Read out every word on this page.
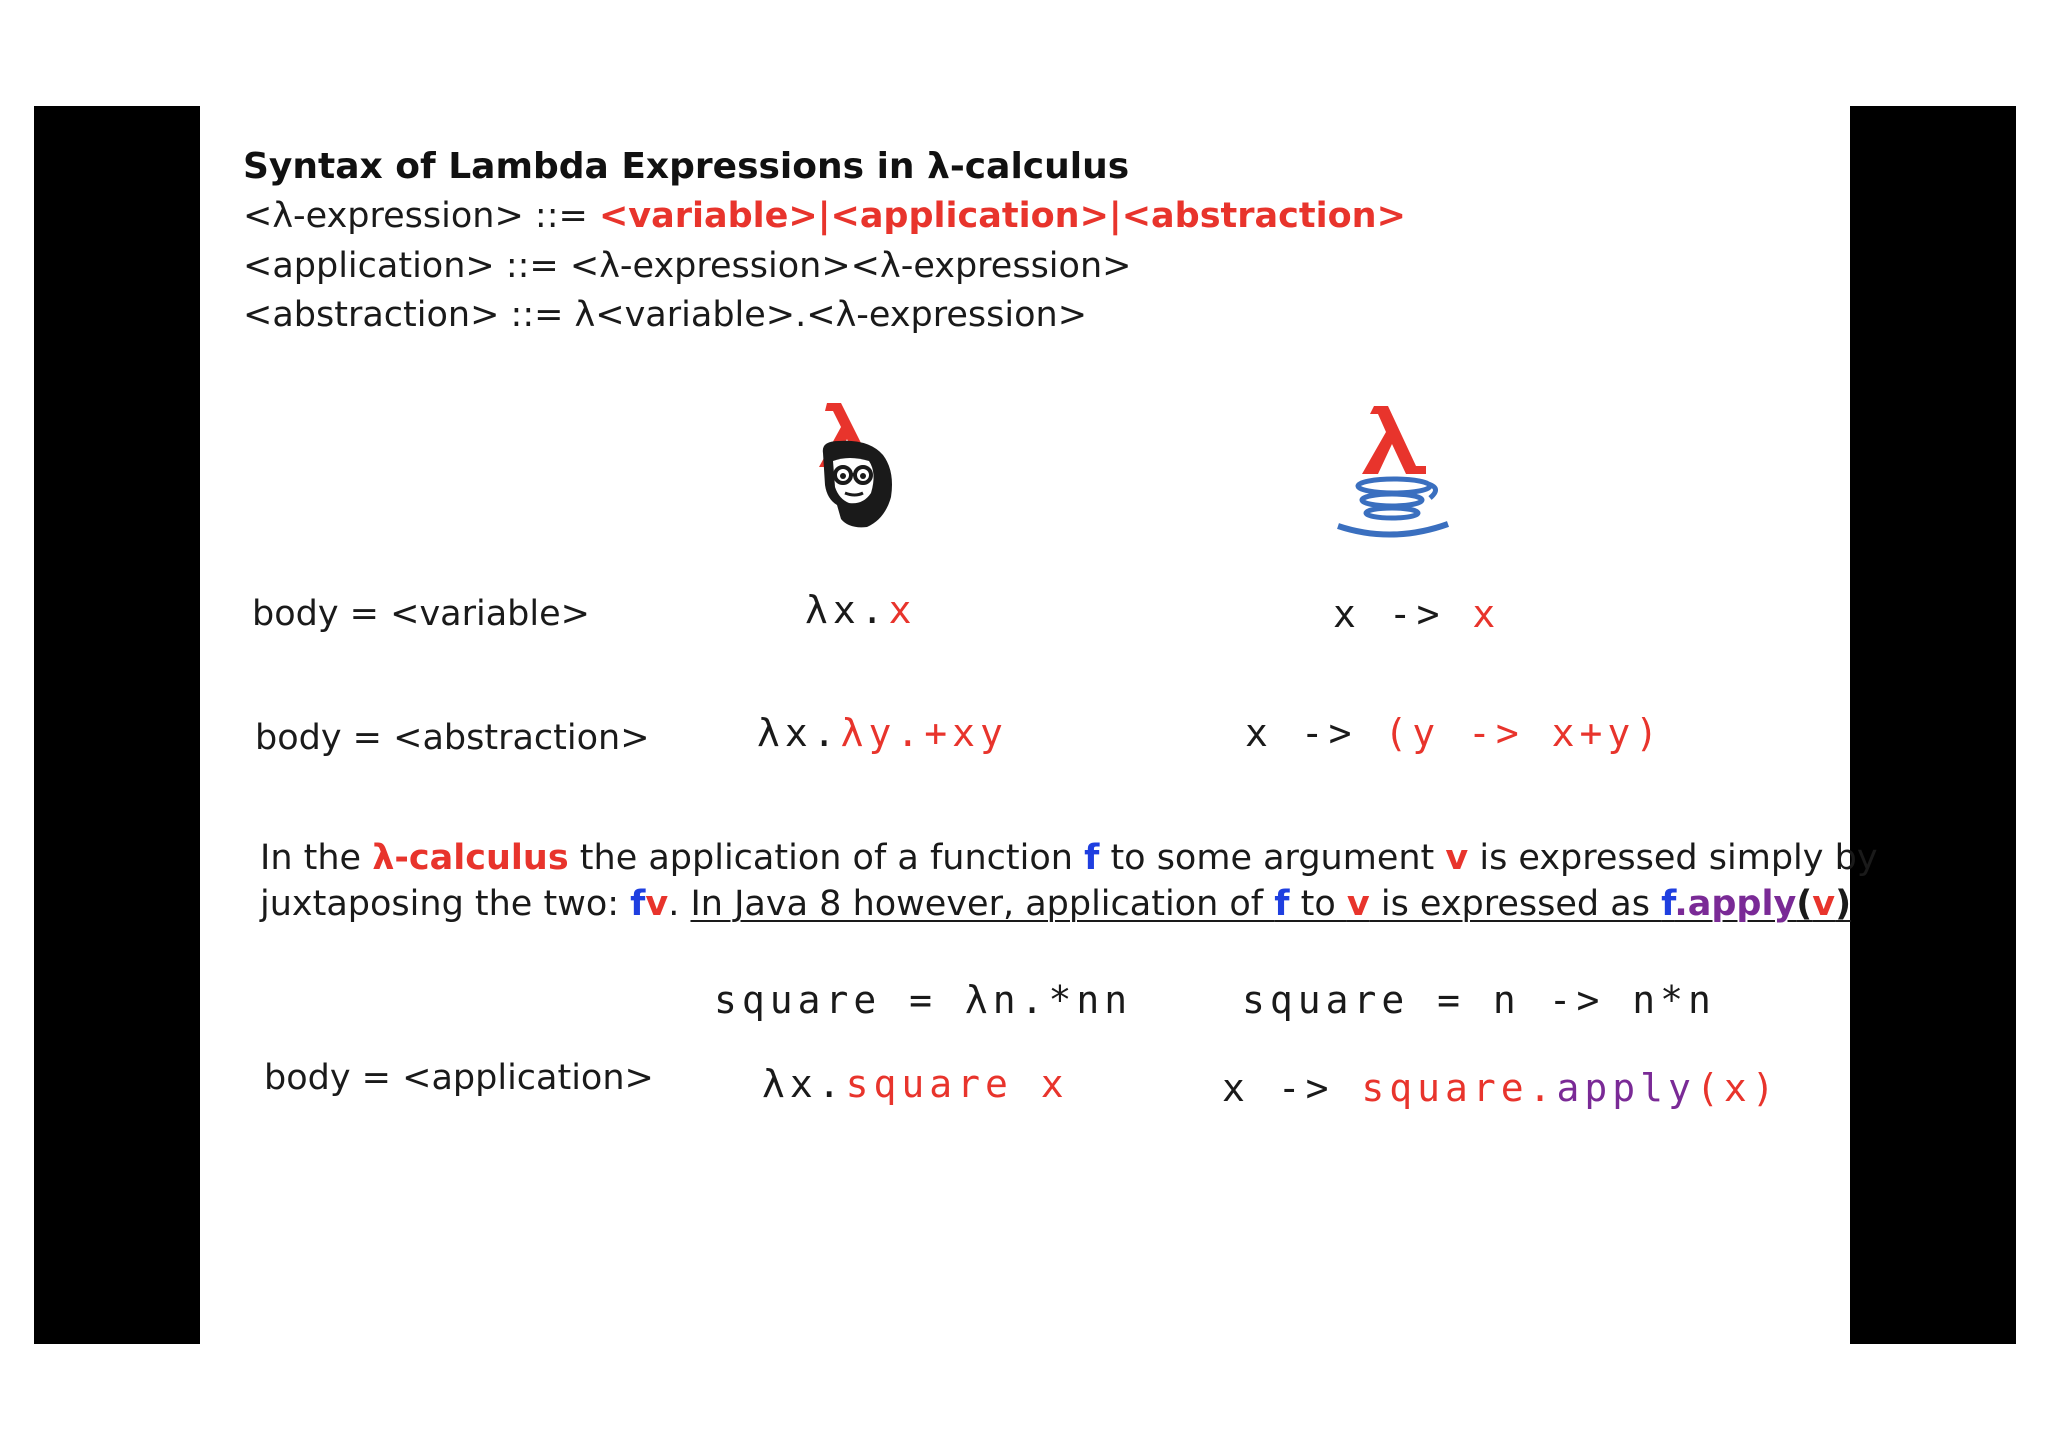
Syntax of Lambda Expressions in λ-calculus
<λ-expression> ::= <variable>|<application>|<abstraction>
<application> ::= <λ-expression><λ-expression>
<abstraction> ::= λ<variable>.<λ-expression>
body = <variable>	λx.x	x -> x
body = <abstraction>	λx.λy.+xy	x -> (y -> x+y)
In the λ-calculus the application of a function f to some argument v is expressed simply by
juxtaposing the two: fv. In Java 8 however, application of f to v is expressed as f.apply(v)
square = λn.*nn	square = n -> n*n
body = <application>	λx.square x	x -> square.apply(x)
